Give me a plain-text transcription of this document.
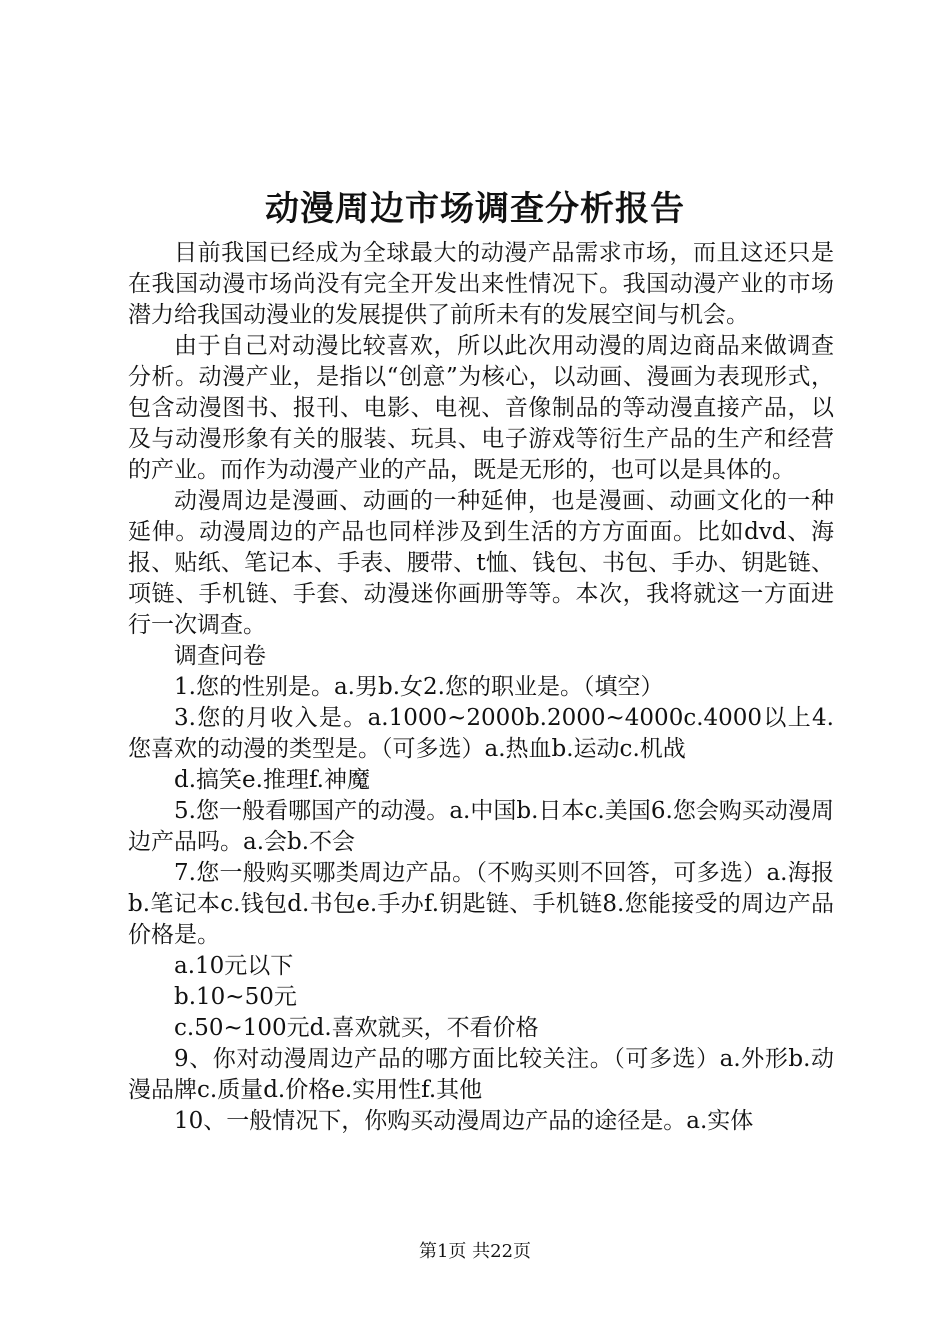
动漫周边市场调查分析报告

目前我国已经成为全球最大的动漫产品需求市场，而且这还只是在我国动漫市场尚没有完全开发出来性情况下。我国动漫产业的市场潜力给我国动漫业的发展提供了前所未有的发展空间与机会。

由于自己对动漫比较喜欢，所以此次用动漫的周边商品来做调查分析。动漫产业，是指以“创意”为核心，以动画、漫画为表现形式，包含动漫图书、报刊、电影、电视、音像制品的等动漫直接产品，以及与动漫形象有关的服装、玩具、电子游戏等衍生产品的生产和经营的产业。而作为动漫产业的产品，既是无形的，也可以是具体的。

动漫周边是漫画、动画的一种延伸，也是漫画、动画文化的一种延伸。动漫周边的产品也同样涉及到生活的方方面面。比如dvd、海报、贴纸、笔记本、手表、腰带、t恤、钱包、书包、手办、钥匙链、项链、手机链、手套、动漫迷你画册等等。本次，我将就这一方面进行一次调查。

调查问卷

1.您的性别是。a.男b.女2.您的职业是。（填空）

3.您的月收入是。a.1000~2000b.2000~4000c.4000以上4.您喜欢的动漫的类型是。（可多选）a.热血b.运动c.机战

d.搞笑e.推理f.神魔

5.您一般看哪国产的动漫。a.中国b.日本c.美国6.您会购买动漫周边产品吗。a.会b.不会

7.您一般购买哪类周边产品。（不购买则不回答，可多选）a.海报b.笔记本c.钱包d.书包e.手办f.钥匙链、手机链8.您能接受的周边产品价格是。

a.10元以下

b.10~50元

c.50~100元d.喜欢就买，不看价格

9、你对动漫周边产品的哪方面比较关注。（可多选）a.外形b.动漫品牌c.质量d.价格e.实用性f.其他

10、一般情况下，你购买动漫周边产品的途径是。a.实体

第1页 共22页
